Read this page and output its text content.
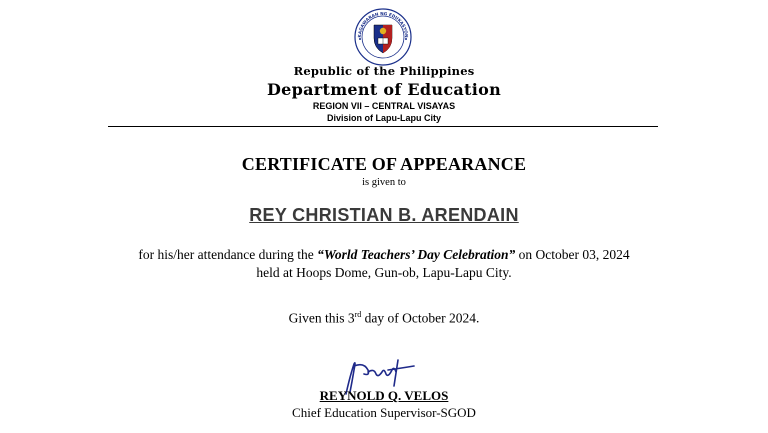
KAGAWARAN NG EDUKASYON
Republic of the Philippines
Department of Education
REGION VII – CENTRAL VISAYAS
Division of Lapu-Lapu City
CERTIFICATE OF APPEARANCE
is given to
REY CHRISTIAN B. ARENDAIN
for his/her attendance during the “World Teachers’ Day Celebration” on October 03, 2024
held at Hoops Dome, Gun-ob, Lapu-Lapu City.
Given this 3rd day of October 2024.
REYNOLD Q. VELOS
Chief Education Supervisor-SGOD
